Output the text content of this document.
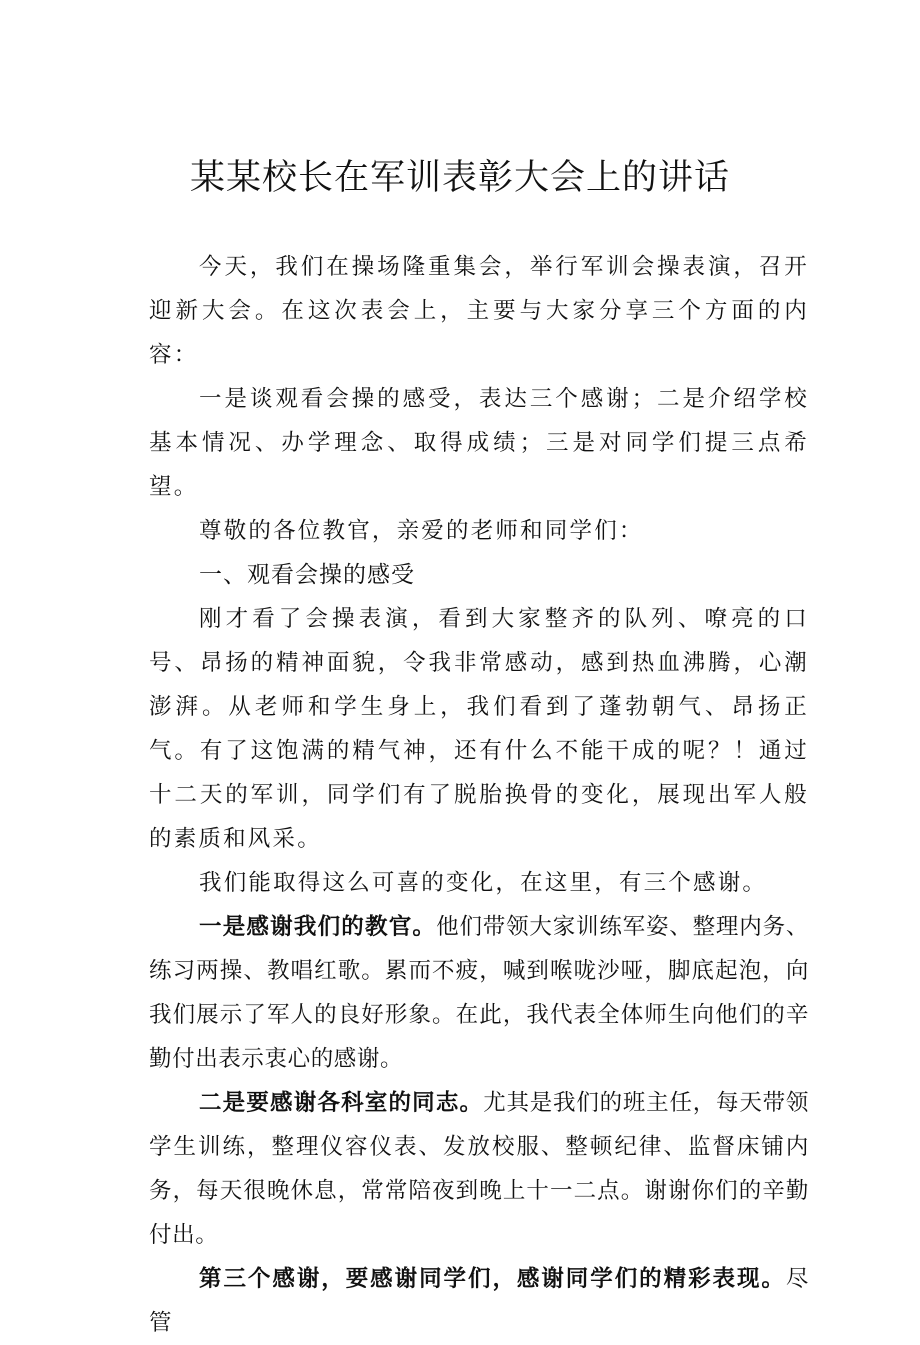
某某校长在军训表彰大会上的讲话

今天，我们在操场隆重集会，举行军训会操表演，召开迎新大会。在这次表会上，主要与大家分享三个方面的内容：

一是谈观看会操的感受，表达三个感谢；二是介绍学校基本情况、办学理念、取得成绩；三是对同学们提三点希望。

尊敬的各位教官，亲爱的老师和同学们：

一、观看会操的感受

刚才看了会操表演，看到大家整齐的队列、嘹亮的口号、昂扬的精神面貌，令我非常感动，感到热血沸腾，心潮澎湃。从老师和学生身上，我们看到了蓬勃朝气、昂扬正气。有了这饱满的精气神，还有什么不能干成的呢？！通过十二天的军训，同学们有了脱胎换骨的变化，展现出军人般的素质和风采。

我们能取得这么可喜的变化，在这里，有三个感谢。

一是感谢我们的教官。他们带领大家训练军姿、整理内务、练习两操、教唱红歌。累而不疲，喊到喉咙沙哑，脚底起泡，向我们展示了军人的良好形象。在此，我代表全体师生向他们的辛勤付出表示衷心的感谢。

二是要感谢各科室的同志。尤其是我们的班主任，每天带领学生训练，整理仪容仪表、发放校服、整顿纪律、监督床铺内务，每天很晚休息，常常陪夜到晚上十一二点。谢谢你们的辛勤付出。

第三个感谢，要感谢同学们，感谢同学们的精彩表现。尽管
